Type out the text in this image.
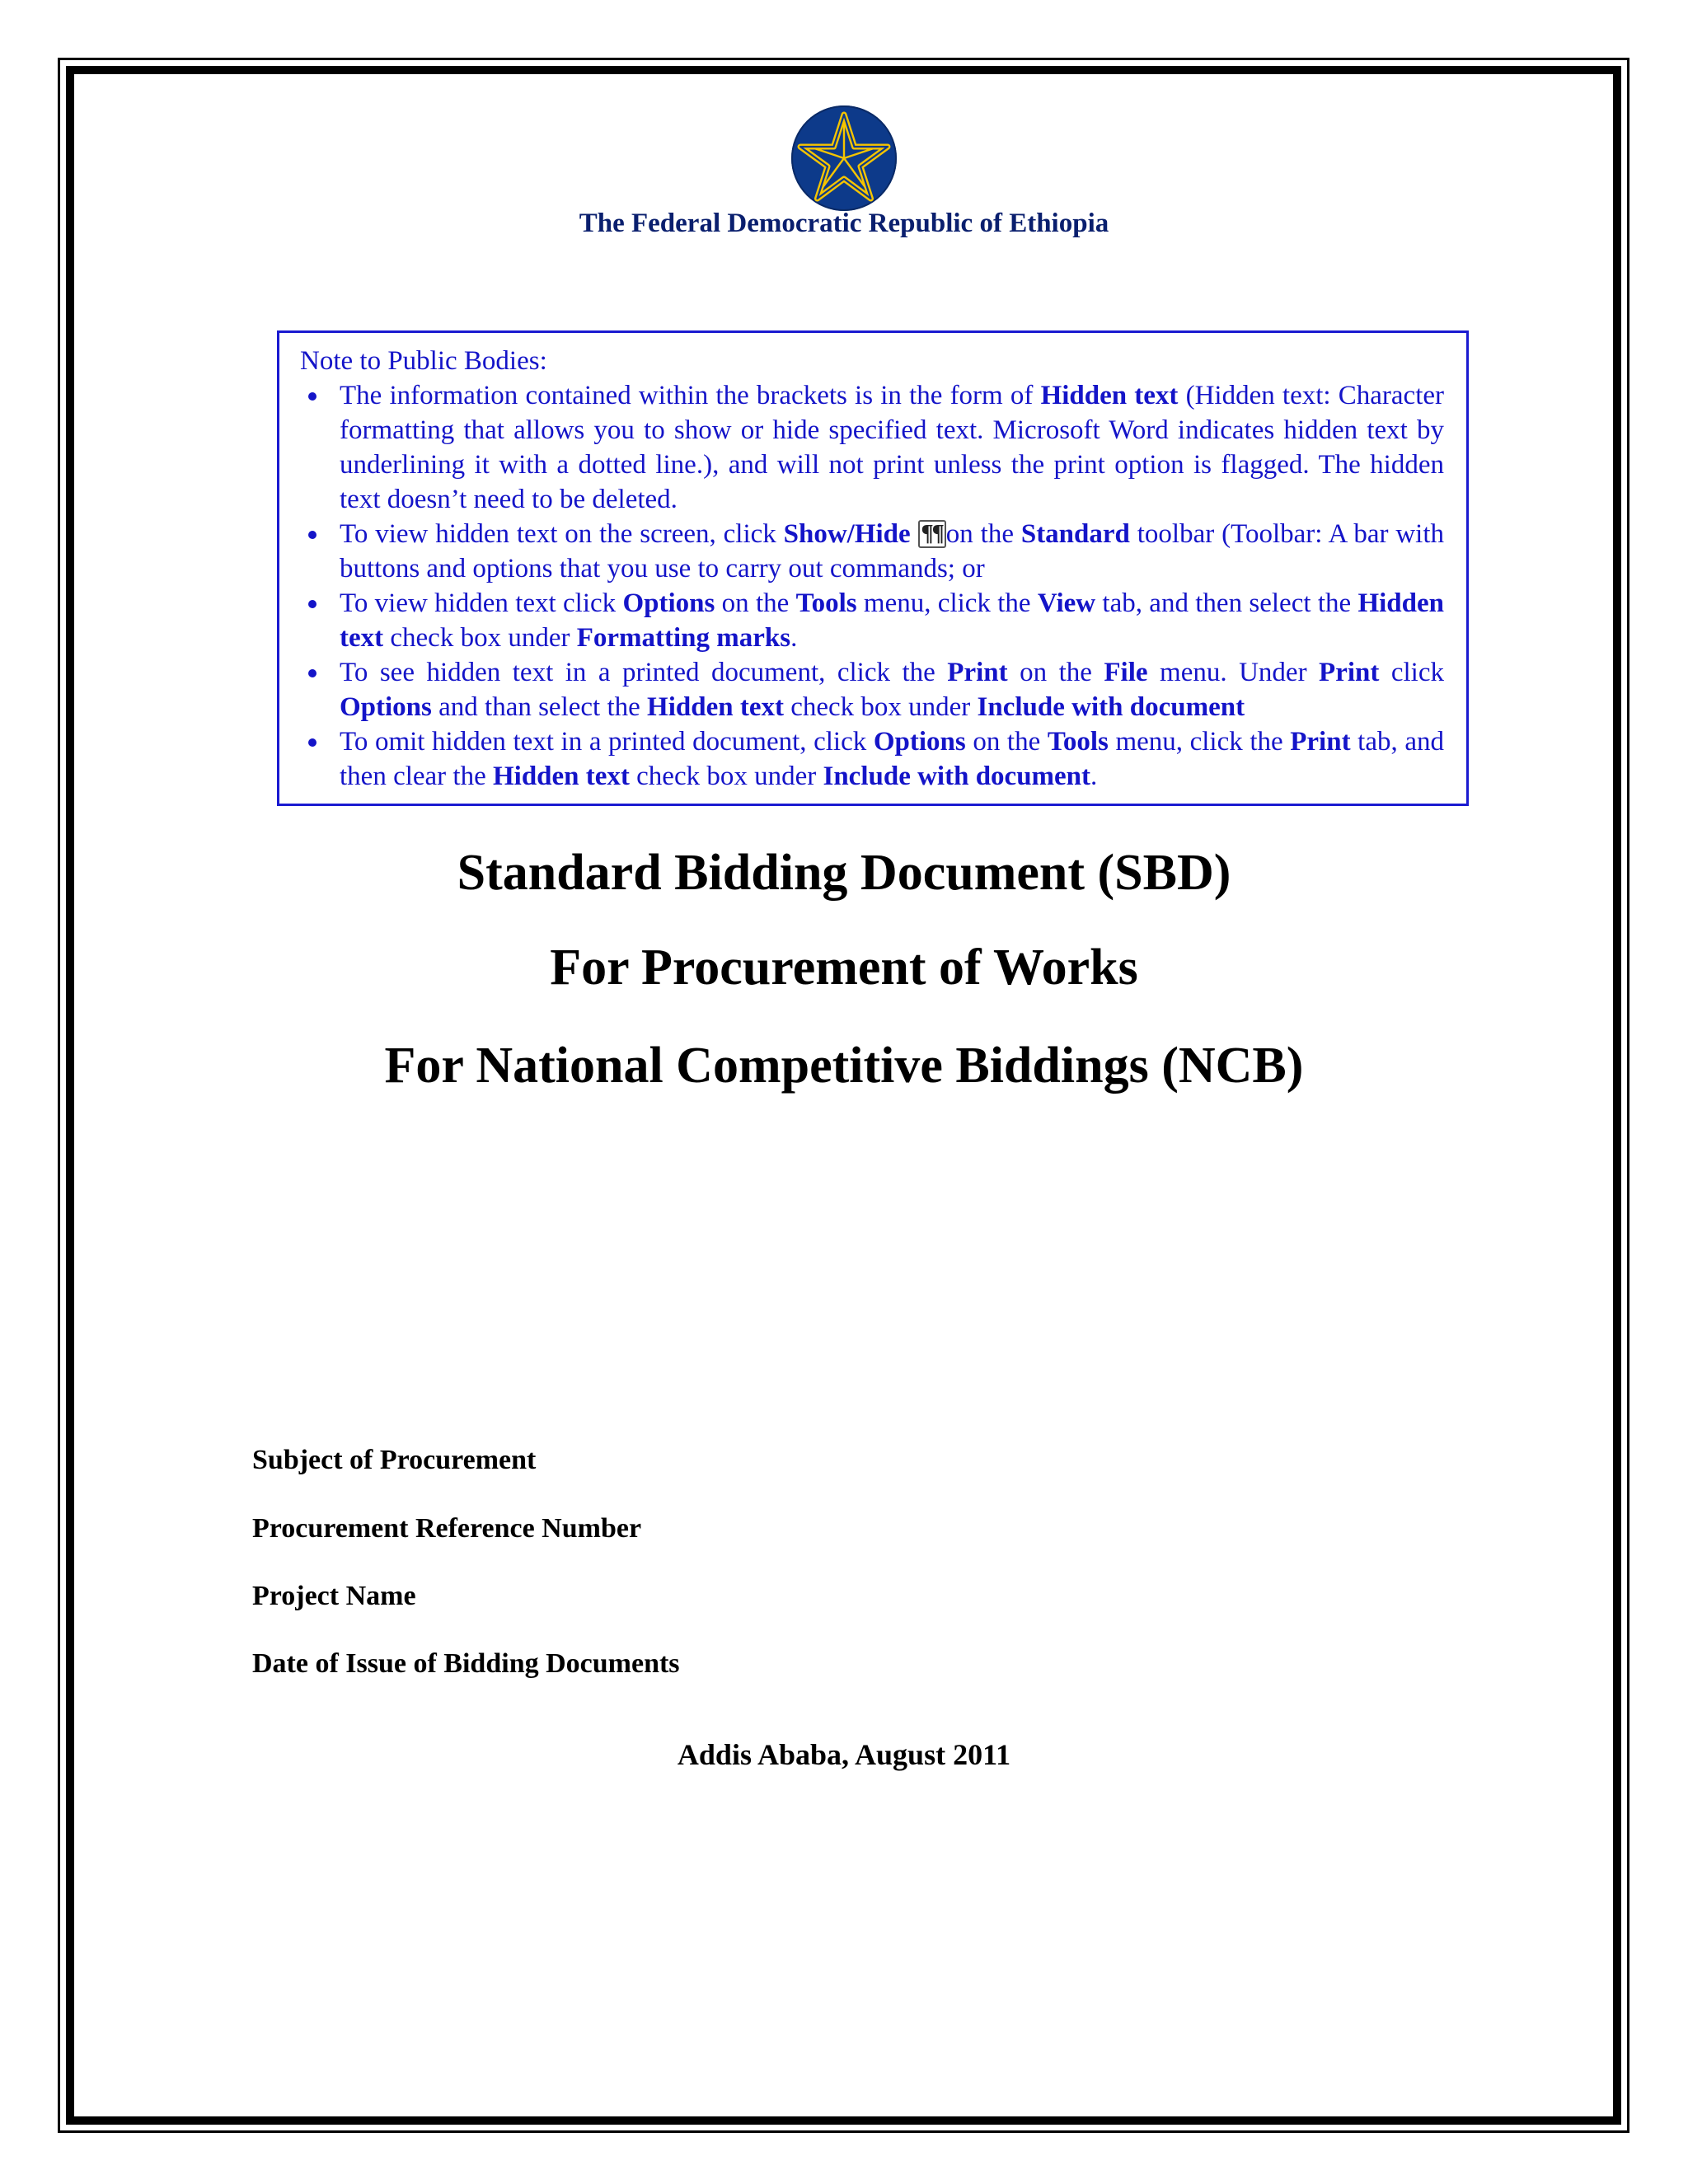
The Federal Democratic Republic of Ethiopia

Note to Public Bodies:

The information contained within the brackets is in the form of Hidden text (Hidden text: Character formatting that allows you to show or hide specified text. Microsoft Word indicates hidden text by underlining it with a dotted line.), and will not print unless the print option is flagged. The hidden text doesn’t need to be deleted.
To view hidden text on the screen, click Show/Hide ¶¶ on the Standard toolbar (Toolbar: A bar with buttons and options that you use to carry out commands; or
To view hidden text click Options on the Tools menu, click the View tab, and then select the Hidden text check box under Formatting marks.
To see hidden text in a printed document, click the Print on the File menu. Under Print click Options and than select the Hidden text check box under Include with document
To omit hidden text in a printed document, click Options on the Tools menu, click the Print tab, and then clear the Hidden text check box under Include with document.
Standard Bidding Document (SBD)
For Procurement of Works
For National Competitive Biddings (NCB)
Subject of Procurement
Procurement Reference Number
Project Name
Date of Issue of Bidding Documents
Addis Ababa, August 2011
